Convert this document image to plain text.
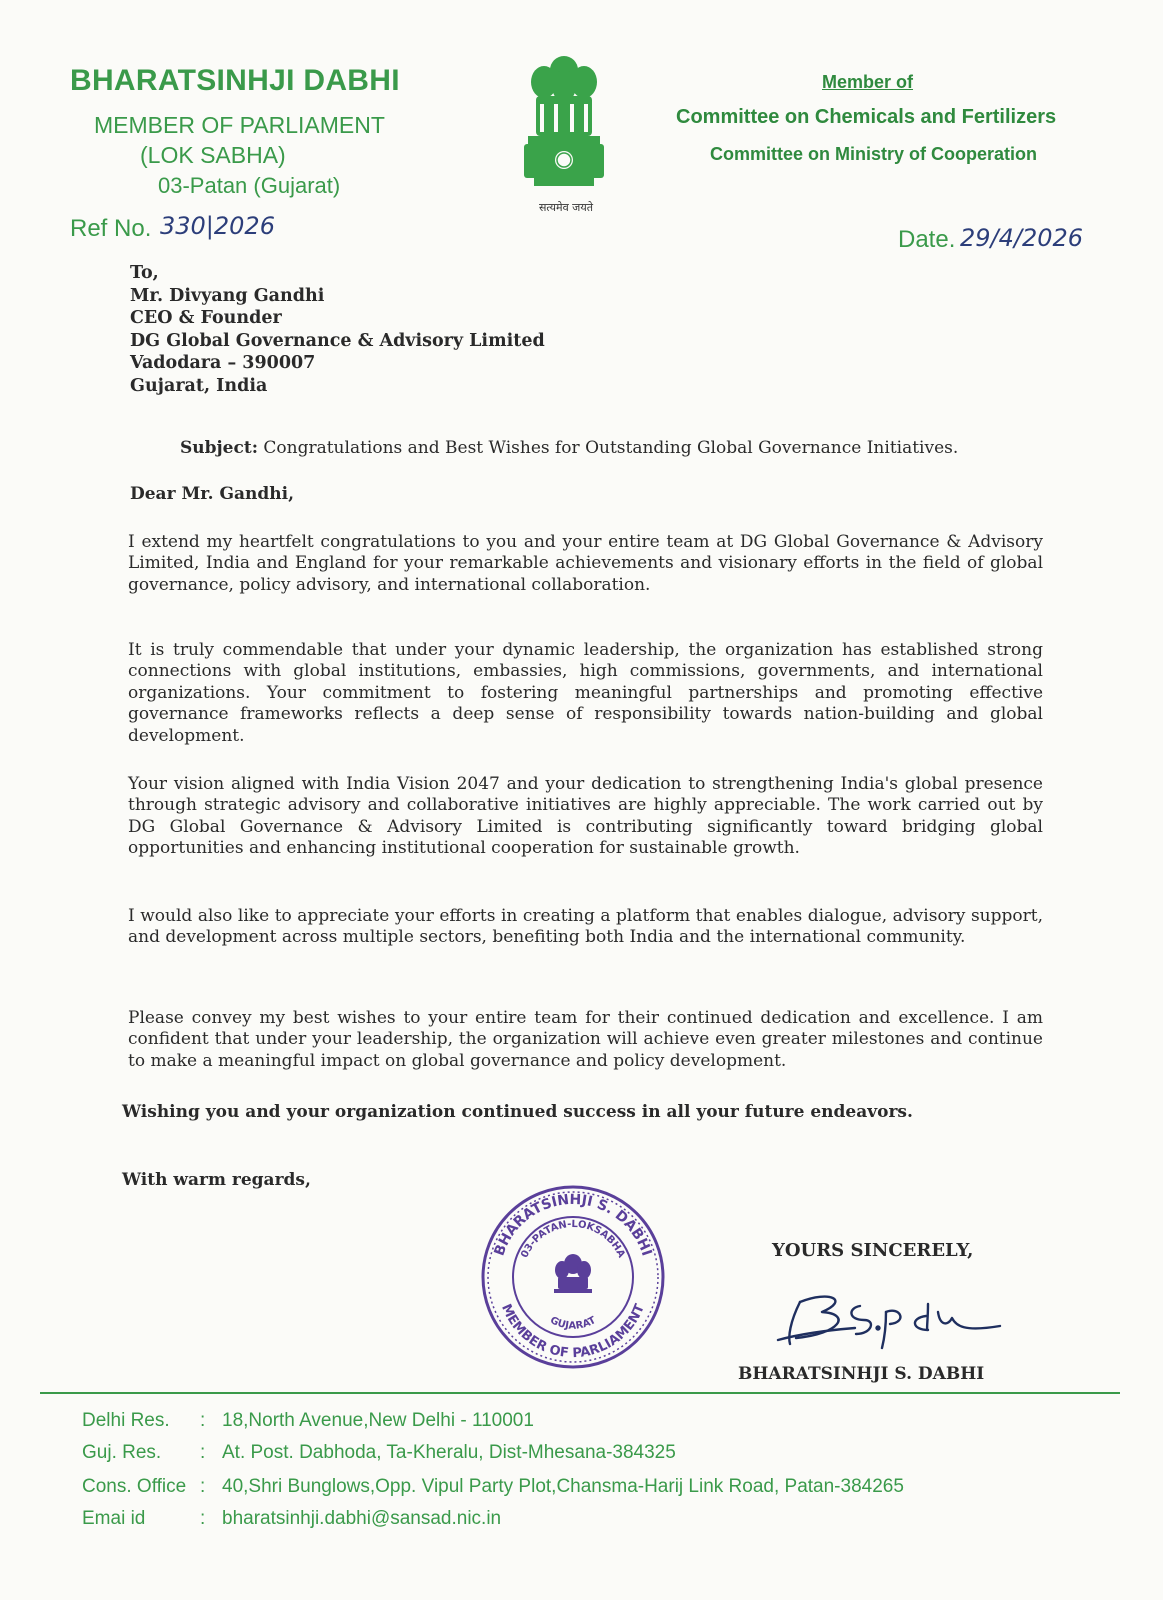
BHARATSINHJI DABHI
MEMBER OF PARLIAMENT
(LOK SABHA)
03-Patan (Gujarat)
Ref No. 330|2026
सत्यमेव जयते
Member of
Committee on Chemicals and Fertilizers
Committee on Ministry of Cooperation
Date. 29/4/2026
To,
Mr. Divyang Gandhi
CEO & Founder
DG Global Governance & Advisory Limited
Vadodara – 390007
Gujarat, India
Subject: Congratulations and Best Wishes for Outstanding Global Governance Initiatives.
Dear Mr. Gandhi,
I extend my heartfelt congratulations to you and your entire team at DG Global Governance & Advisory Limited, India and England for your remarkable achievements and visionary efforts in the field of global governance, policy advisory, and international collaboration.
It is truly commendable that under your dynamic leadership, the organization has established strong connections with global institutions, embassies, high commissions, governments, and international organizations. Your commitment to fostering meaningful partnerships and promoting effective governance frameworks reflects a deep sense of responsibility towards nation-building and global development.
Your vision aligned with India Vision 2047 and your dedication to strengthening India's global presence through strategic advisory and collaborative initiatives are highly appreciable. The work carried out by DG Global Governance & Advisory Limited is contributing significantly toward bridging global opportunities and enhancing institutional cooperation for sustainable growth.
I would also like to appreciate your efforts in creating a platform that enables dialogue, advisory support, and development across multiple sectors, benefiting both India and the international community.
Please convey my best wishes to your entire team for their continued dedication and excellence. I am confident that under your leadership, the organization will achieve even greater milestones and continue to make a meaningful impact on global governance and policy development.
Wishing you and your organization continued success in all your future endeavors.
With warm regards,
BHARATSINHJI S. DABHI
MEMBER OF PARLIAMENT
03-PATAN-LOKSABHA
GUJARAT
YOURS SINCERELY,
BHARATSINHJI S. DABHI
Delhi Res. : 18,North Avenue,New Delhi - 110001
Guj. Res. : At. Post. Dabhoda, Ta-Kheralu, Dist-Mhesana-384325
Cons. Office : 40,Shri Bunglows,Opp. Vipul Party Plot,Chansma-Harij Link Road, Patan-384265
Emai id	: bharatsinhji.dabhi@sansad.nic.in
